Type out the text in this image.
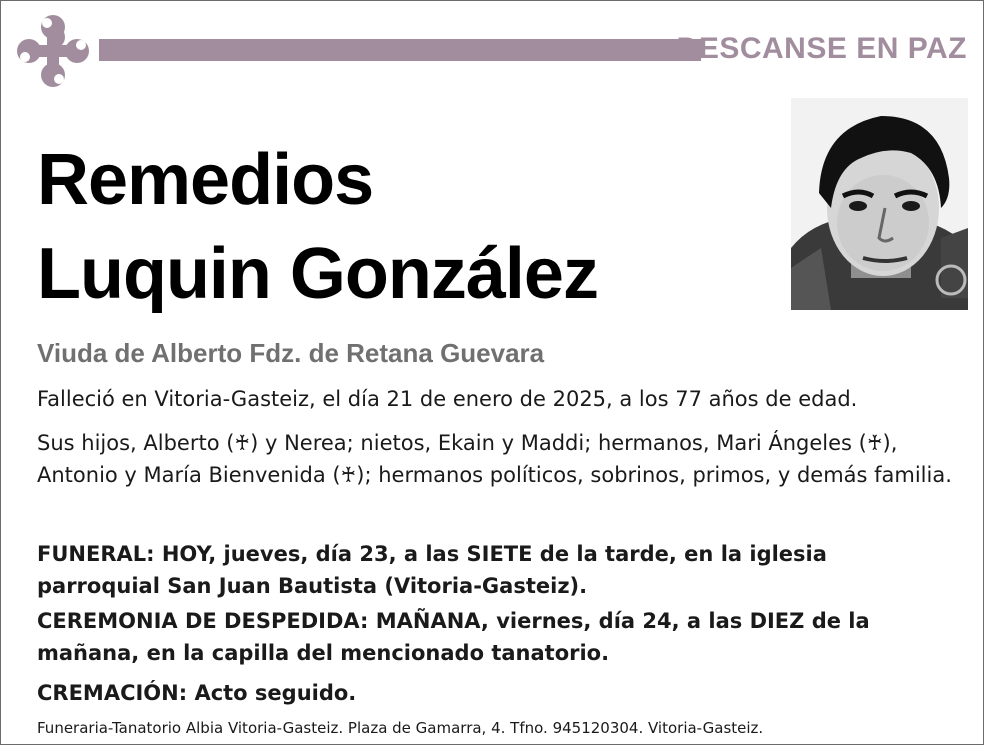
DESCANSE EN PAZ
Remedios
Luquin González
Viuda de Alberto Fdz. de Retana Guevara
Falleció en Vitoria-Gasteiz, el día 21 de enero de 2025, a los 77 años de edad.
Sus hijos, Alberto (♰) y Nerea; nietos, Ekain y Maddi; hermanos, Mari Ángeles (♰), Antonio y María Bienvenida (♰); hermanos políticos, sobrinos, primos, y demás familia.
FUNERAL: HOY, jueves, día 23, a las SIETE de la tarde, en la iglesia parroquial San Juan Bautista (Vitoria-Gasteiz).
CEREMONIA DE DESPEDIDA: MAÑANA, viernes, día 24, a las DIEZ de la mañana, en la capilla del mencionado tanatorio.
CREMACIÓN: Acto seguido.
Funeraria-Tanatorio Albia Vitoria-Gasteiz. Plaza de Gamarra, 4. Tfno. 945120304. Vitoria-Gasteiz.
